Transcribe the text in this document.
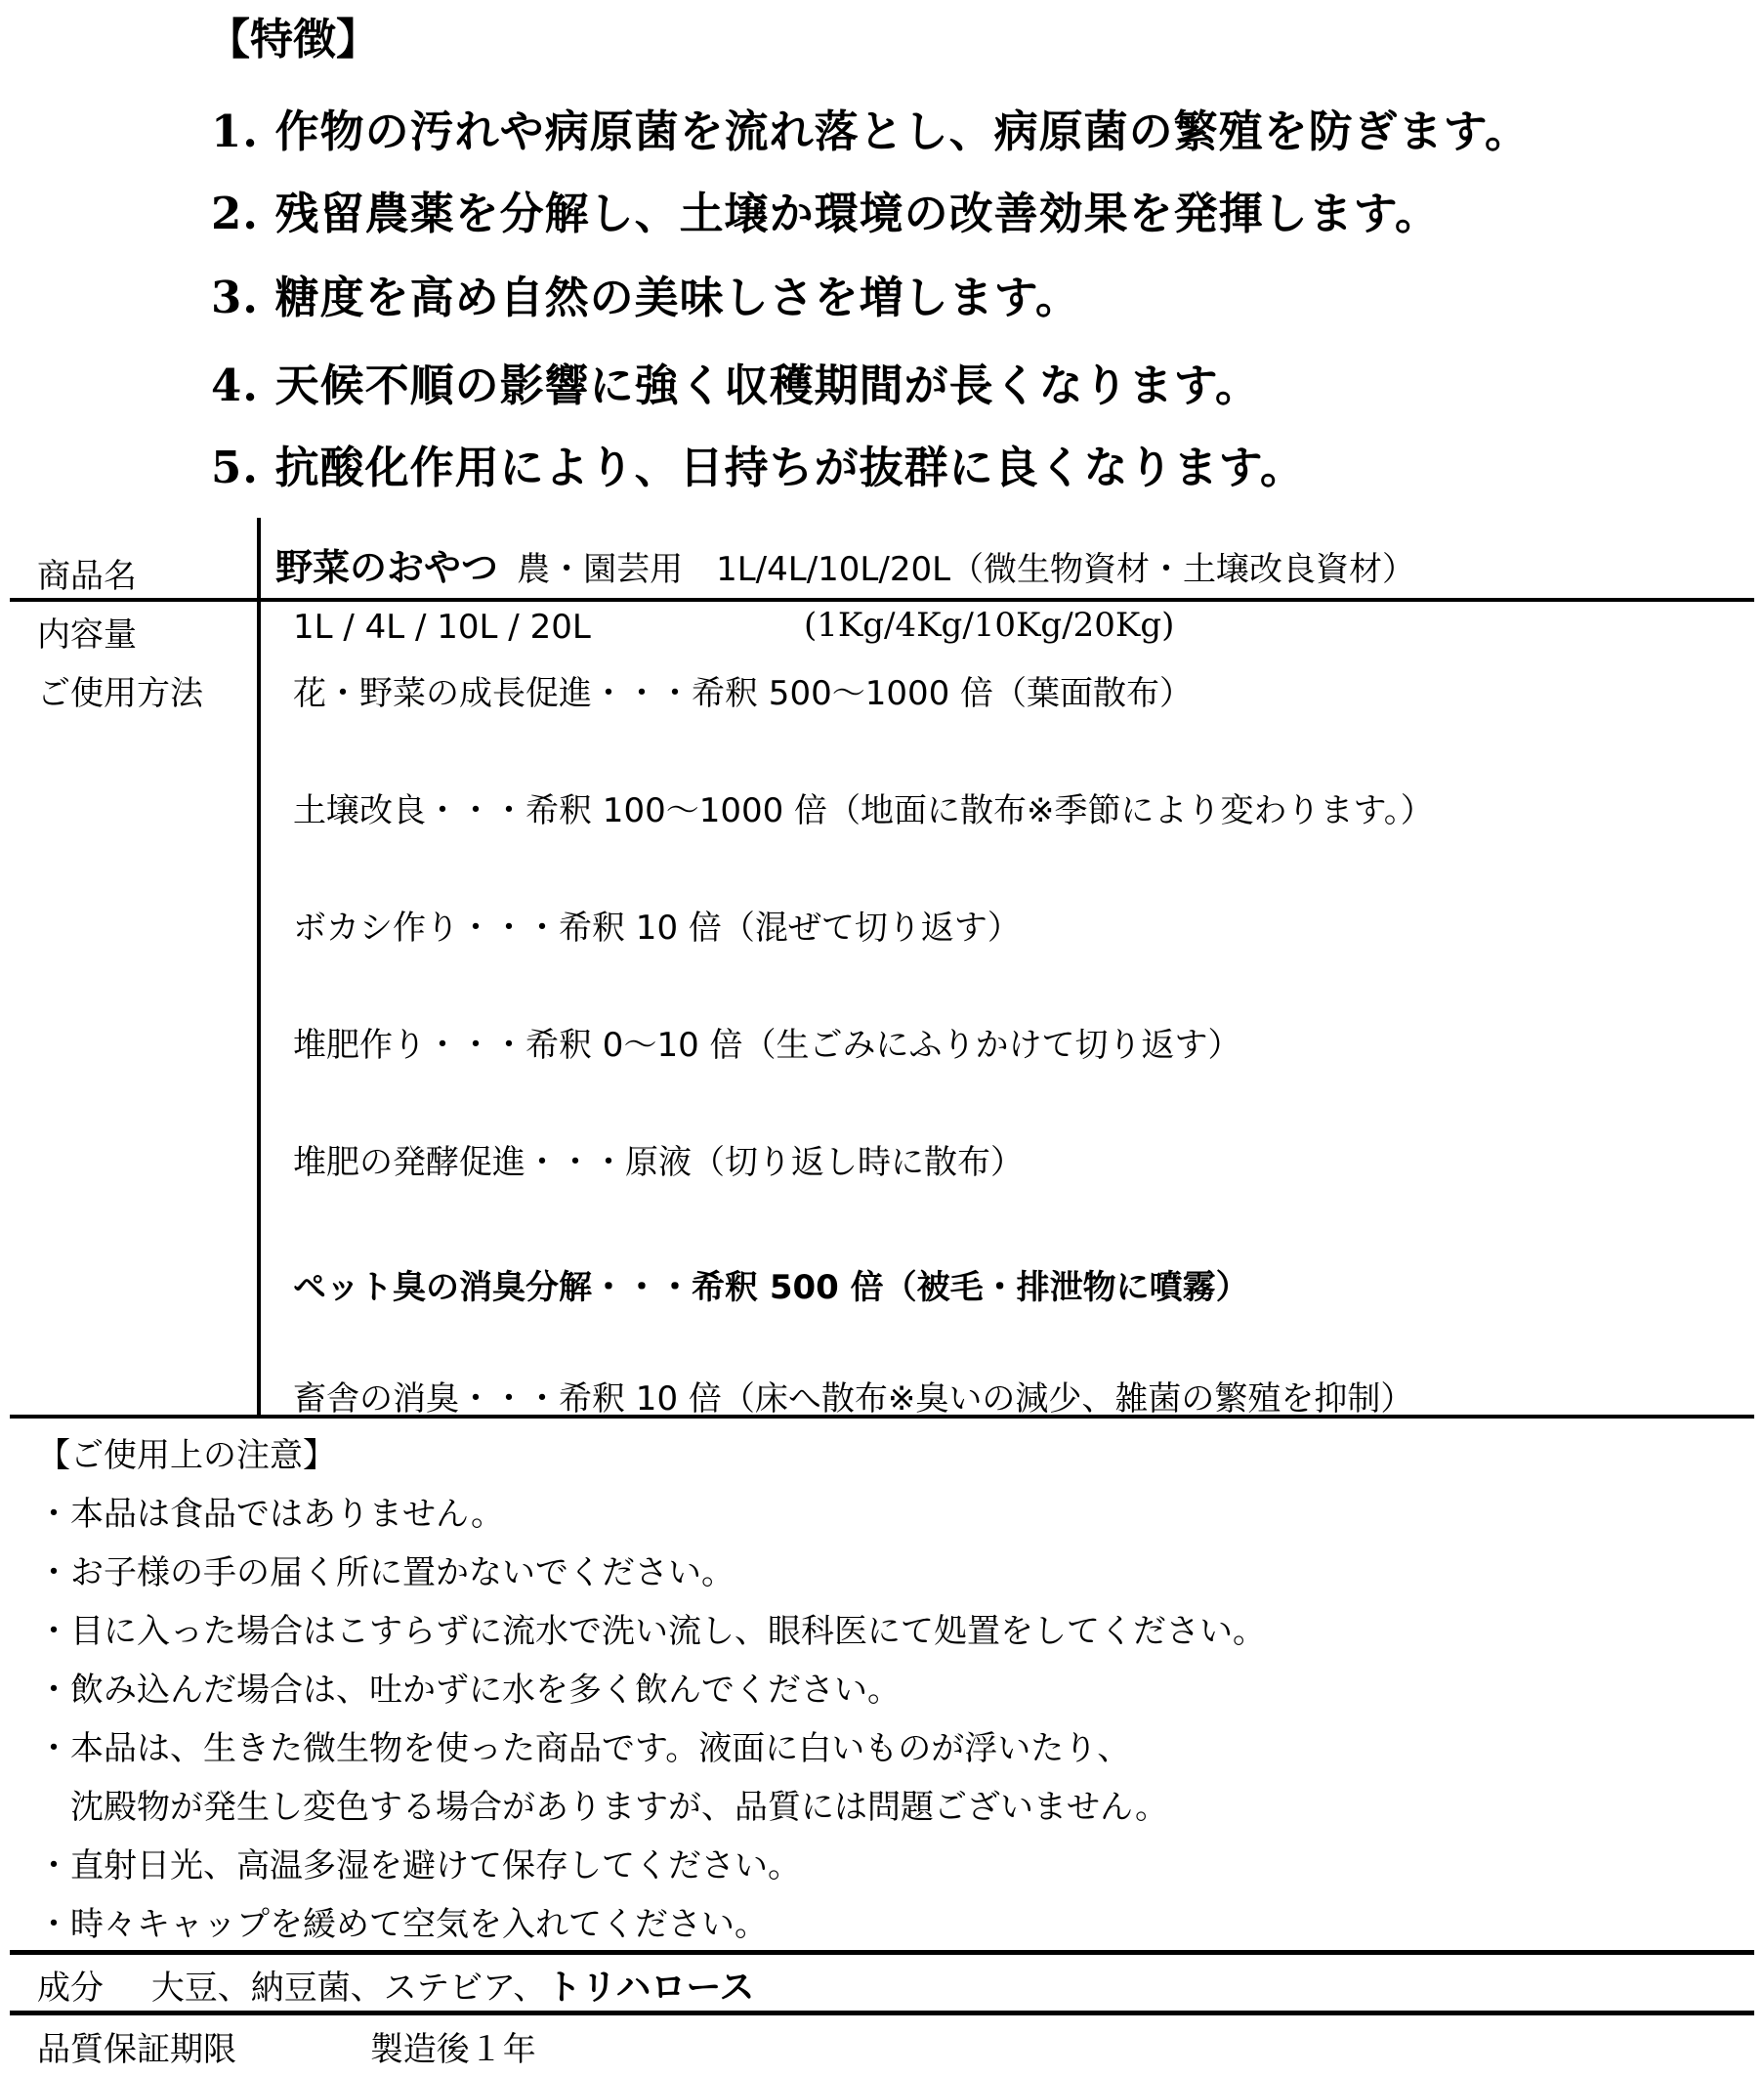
【特徴】
1. 作物の汚れや病原菌を流れ落とし、病原菌の繁殖を防ぎます。
2. 残留農薬を分解し、土壌か環境の改善効果を発揮します。
3. 糖度を高め自然の美味しさを増します。
4. 天候不順の影響に強く収穫期間が長くなります。
5. 抗酸化作用により、日持ちが抜群に良くなります。
商品名	野菜のおやつ 農・園芸用　1L/4L/10L/20L（微生物資材・土壌改良資材）
内容量	1L / 4L / 10L / 20L	(1Kg/4Kg/10Kg/20Kg)
ご使用方法	花・野菜の成長促進・・・希釈 500～1000 倍（葉面散布）
土壌改良・・・希釈 100～1000 倍（地面に散布※季節により変わります。）
ボカシ作り・・・希釈 10 倍（混ぜて切り返す）
堆肥作り・・・希釈 0～10 倍（生ごみにふりかけて切り返す）
堆肥の発酵促進・・・原液（切り返し時に散布）
ペット臭の消臭分解・・・希釈 500 倍（被毛・排泄物に噴霧）
畜舎の消臭・・・希釈 10 倍（床へ散布※臭いの減少、雑菌の繁殖を抑制）
【ご使用上の注意】
・本品は食品ではありません。
・お子様の手の届く所に置かないでください。
・目に入った場合はこすらずに流水で洗い流し、眼科医にて処置をしてください。
・飲み込んだ場合は、吐かずに水を多く飲んでください。
・本品は、生きた微生物を使った商品です。液面に白いものが浮いたり、
　沈殿物が発生し変色する場合がありますが、品質には問題ございません。
・直射日光、高温多湿を避けて保存してください。
・時々キャップを緩めて空気を入れてください。
成分 大豆、納豆菌、ステビア、トリハロース
品質保証期限	製造後１年
